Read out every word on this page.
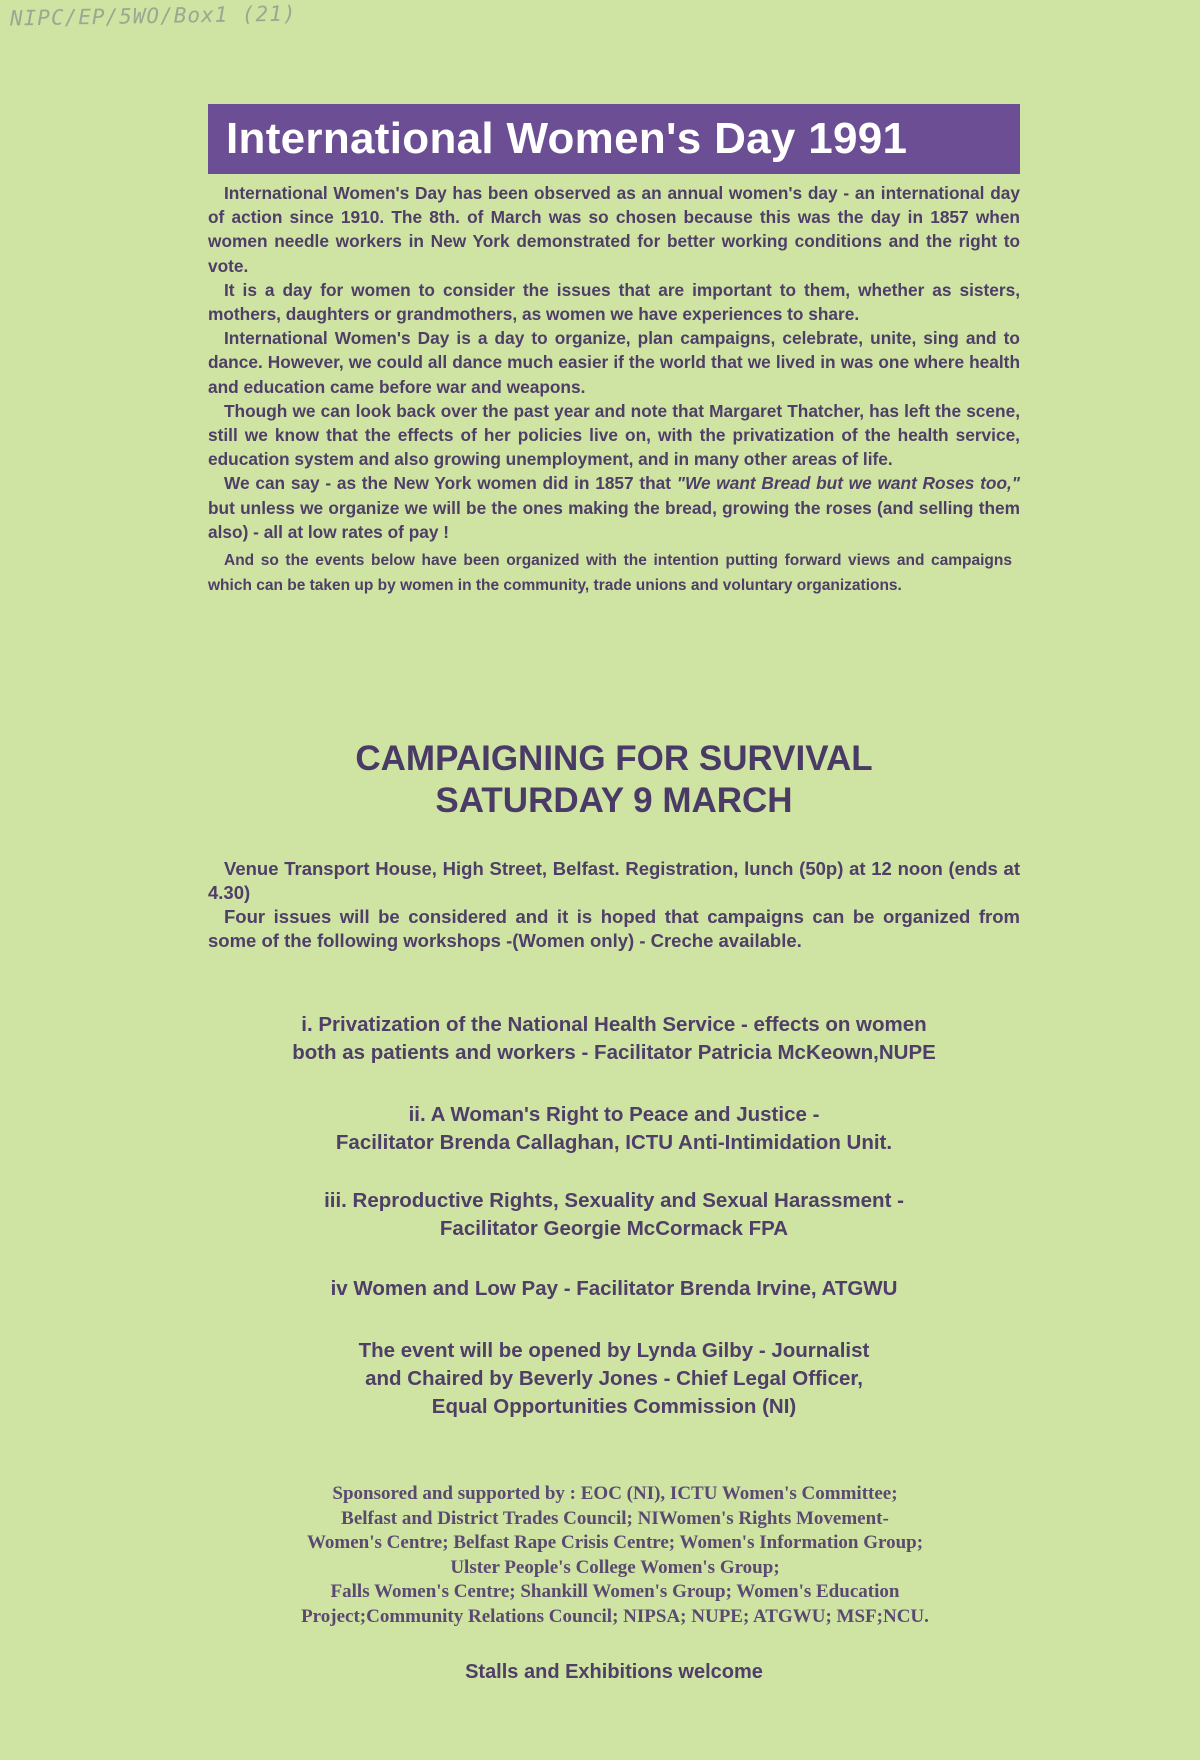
NIPC/EP/5WO/Box1 (21)
International Women's Day 1991

International Women's Day has been observed as an annual women's day - an international day of action since 1910. The 8th. of March was so chosen because this was the day in 1857 when women needle workers in New York demonstrated for better working conditions and the right to vote.

It is a day for women to consider the issues that are important to them, whether as sisters, mothers, daughters or grandmothers, as women we have experiences to share.

International Women's Day is a day to organize, plan campaigns, celebrate, unite, sing and to dance. However, we could all dance much easier if the world that we lived in was one where health and education came before war and weapons.

Though we can look back over the past year and note that Margaret Thatcher, has left the scene, still we know that the effects of her policies live on, with the privatization of the health service, education system and also growing unemployment, and in many other areas of life.

We can say - as the New York women did in 1857 that "We want Bread but we want Roses too," but unless we organize we will be the ones making the bread, growing the roses (and selling them also) - all at low rates of pay !

And so the events below have been organized with the intention putting forward views and campaigns which can be taken up by women in the community, trade unions and voluntary organizations.

CAMPAIGNING FOR SURVIVAL
SATURDAY 9 MARCH

Venue Transport House, High Street, Belfast. Registration, lunch (50p) at 12 noon (ends at 4.30)

Four issues will be considered and it is hoped that campaigns can be organized from some of the following workshops -(Women only) - Creche available.

i. Privatization of the National Health Service - effects on women
both as patients and workers - Facilitator Patricia McKeown,NUPE
ii. A Woman's Right to Peace and Justice -
Facilitator Brenda Callaghan, ICTU Anti-Intimidation Unit.
iii. Reproductive Rights, Sexuality and Sexual Harassment -
Facilitator Georgie McCormack FPA
iv Women and Low Pay - Facilitator Brenda Irvine, ATGWU
The event will be opened by Lynda Gilby - Journalist
and Chaired by Beverly Jones - Chief Legal Officer,
Equal Opportunities Commission (NI)
Sponsored and supported by : EOC (NI), ICTU Women's Committee;
Belfast and District Trades Council; NIWomen's Rights Movement-
Women's Centre; Belfast Rape Crisis Centre; Women's Information Group;
Ulster People's College Women's Group;
Falls Women's Centre; Shankill Women's Group; Women's Education
Project;Community Relations Council; NIPSA; NUPE; ATGWU; MSF;NCU.
Stalls and Exhibitions welcome
